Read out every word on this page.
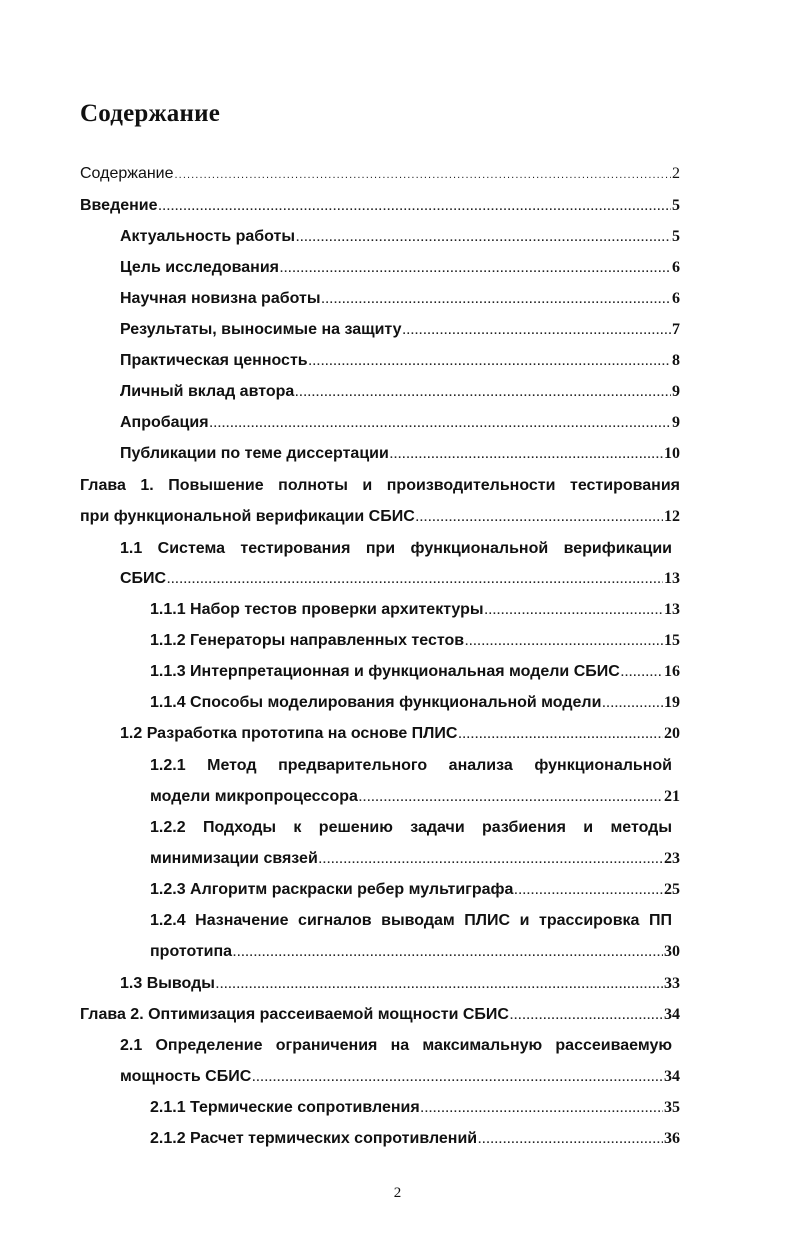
Содержание
Содержание .....	2
Введение .....	5
Актуальность работы .....	5
Цель исследования .....	6
Научная новизна работы .....	6
Результаты, выносимые на защиту .....	7
Практическая ценность .....	8
Личный вклад автора .....	9
Апробация .....	9
Публикации по теме диссертации .....	10
Глава 1. Повышение полноты и производительности тестирования
при функциональной верификации СБИС .....	12
1.1 Система тестирования при функциональной верификации
СБИС .....	13
1.1.1 Набор тестов проверки архитектуры .....	13
1.1.2 Генераторы направленных тестов .....	15
1.1.3 Интерпретационная и функциональная модели СБИС .....	16
1.1.4 Способы моделирования функциональной модели .....	19
1.2 Разработка прототипа на основе ПЛИС .....	20
1.2.1 Метод предварительного анализа функциональной
модели микропроцессора .....	21
1.2.2 Подходы к решению задачи разбиения и методы
минимизации связей .....	23
1.2.3 Алгоритм раскраски ребер мультиграфа .....	25
1.2.4 Назначение сигналов выводам ПЛИС и трассировка ПП
прототипа .....	30
1.3 Выводы .....	33
Глава 2. Оптимизация рассеиваемой мощности СБИС .....	34
2.1 Определение ограничения на максимальную рассеиваемую
мощность СБИС .....	34
2.1.1 Термические сопротивления .....	35
2.1.2 Расчет термических сопротивлений .....	36
2
